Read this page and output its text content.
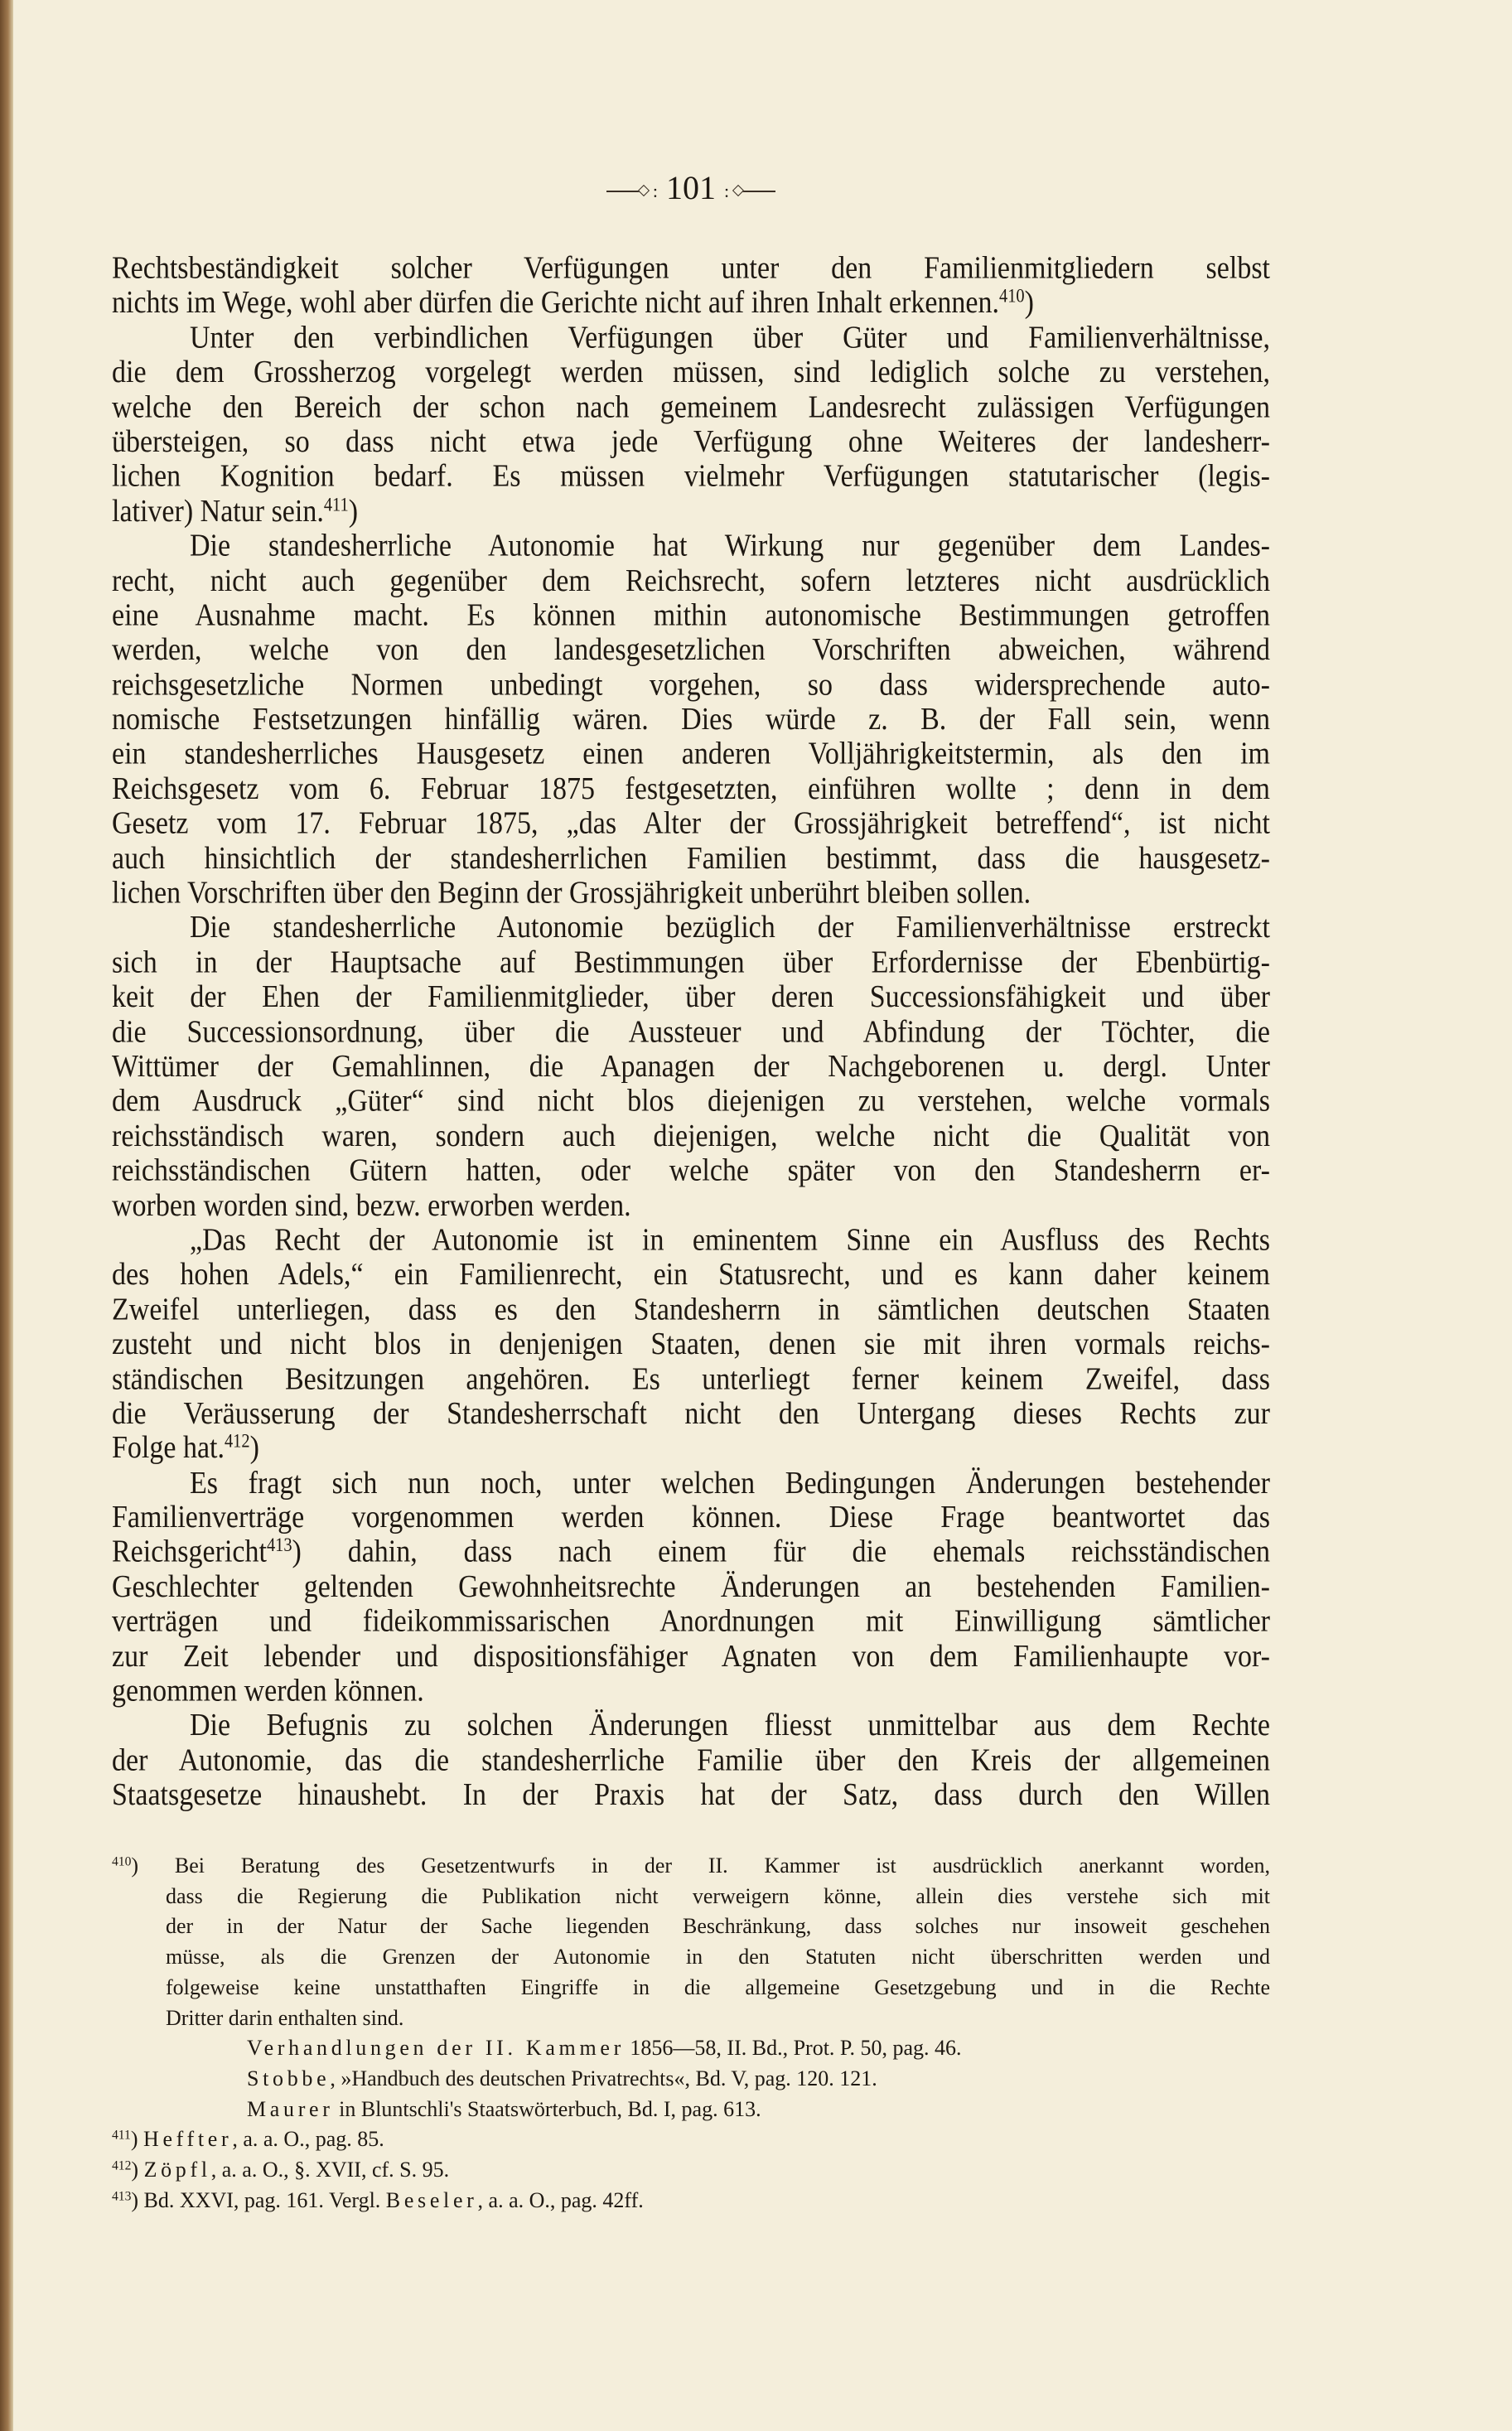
: 101 :
Rechtsbeständigkeit solcher Verfügungen unter den Familienmitgliedern selbst
nichts im Wege, wohl aber dürfen die Gerichte nicht auf ihren Inhalt erkennen.$^{410}$)
Unter den verbindlichen Verfügungen über Güter und Familienverhältnisse,
die dem Grossherzog vorgelegt werden müssen, sind lediglich solche zu verstehen,
welche den Bereich der schon nach gemeinem Landesrecht zulässigen Verfügungen
übersteigen, so dass nicht etwa jede Verfügung ohne Weiteres der landesherr-
lichen Kognition bedarf. Es müssen vielmehr Verfügungen statutarischer (legis-
lativer) Natur sein.$^{411}$)
Die standesherrliche Autonomie hat Wirkung nur gegenüber dem Landes-
recht, nicht auch gegenüber dem Reichsrecht, sofern letzteres nicht ausdrücklich
eine Ausnahme macht. Es können mithin autonomische Bestimmungen getroffen
werden, welche von den landesgesetzlichen Vorschriften abweichen, während
reichsgesetzliche Normen unbedingt vorgehen, so dass widersprechende auto-
nomische Festsetzungen hinfällig wären. Dies würde z. B. der Fall sein, wenn
ein standesherrliches Hausgesetz einen anderen Volljährigkeitstermin, als den im
Reichsgesetz vom 6. Februar 1875 festgesetzten, einführen wollte ; denn in dem
Gesetz vom 17. Februar 1875, „das Alter der Grossjährigkeit betreffend“, ist nicht
auch hinsichtlich der standesherrlichen Familien bestimmt, dass die hausgesetz-
lichen Vorschriften über den Beginn der Grossjährigkeit unberührt bleiben sollen.
Die standesherrliche Autonomie bezüglich der Familienverhältnisse erstreckt
sich in der Hauptsache auf Bestimmungen über Erfordernisse der Ebenbürtig-
keit der Ehen der Familienmitglieder, über deren Successionsfähigkeit und über
die Successionsordnung, über die Aussteuer und Abfindung der Töchter, die
Wittümer der Gemahlinnen, die Apanagen der Nachgeborenen u. dergl. Unter
dem Ausdruck „Güter“ sind nicht blos diejenigen zu verstehen, welche vormals
reichsständisch waren, sondern auch diejenigen, welche nicht die Qualität von
reichsständischen Gütern hatten, oder welche später von den Standesherrn er-
worben worden sind, bezw. erworben werden.
„Das Recht der Autonomie ist in eminentem Sinne ein Ausfluss des Rechts
des hohen Adels,“ ein Familienrecht, ein Statusrecht, und es kann daher keinem
Zweifel unterliegen, dass es den Standesherrn in sämtlichen deutschen Staaten
zusteht und nicht blos in denjenigen Staaten, denen sie mit ihren vormals reichs-
ständischen Besitzungen angehören. Es unterliegt ferner keinem Zweifel, dass
die Veräusserung der Standesherrschaft nicht den Untergang dieses Rechts zur
Folge hat.$^{412}$)
Es fragt sich nun noch, unter welchen Bedingungen Änderungen bestehender
Familienverträge vorgenommen werden können. Diese Frage beantwortet das
Reichsgericht$^{413}$) dahin, dass nach einem für die ehemals reichsständischen
Geschlechter geltenden Gewohnheitsrechte Änderungen an bestehenden Familien-
verträgen und fideikommissarischen Anordnungen mit Einwilligung sämtlicher
zur Zeit lebender und dispositionsfähiger Agnaten von dem Familienhaupte vor-
genommen werden können.
Die Befugnis zu solchen Änderungen fliesst unmittelbar aus dem Rechte
der Autonomie, das die standesherrliche Familie über den Kreis der allgemeinen
Staatsgesetze hinaushebt. In der Praxis hat der Satz, dass durch den Willen
$^{410}$) Bei Beratung des Gesetzentwurfs in der II. Kammer ist ausdrücklich anerkannt worden,
dass die Regierung die Publikation nicht verweigern könne, allein dies verstehe sich mit
der in der Natur der Sache liegenden Beschränkung, dass solches nur insoweit geschehen
müsse, als die Grenzen der Autonomie in den Statuten nicht überschritten werden und
folgeweise keine unstatthaften Eingriffe in die allgemeine Gesetzgebung und in die Rechte
Dritter darin enthalten sind.
Verhandlungen der II. Kammer 1856—58, II. Bd., Prot. P. 50, pag. 46.
Stobbe, »Handbuch des deutschen Privatrechts«, Bd. V, pag. 120. 121.
Maurer in Bluntschli's Staatswörterbuch, Bd. I, pag. 613.
$^{411}$) Heffter, a. a. O., pag. 85.
$^{412}$) Zöpfl, a. a. O., §. XVII, cf. S. 95.
$^{413}$) Bd. XXVI, pag. 161. Vergl. Beseler, a. a. O., pag. 42ff.
